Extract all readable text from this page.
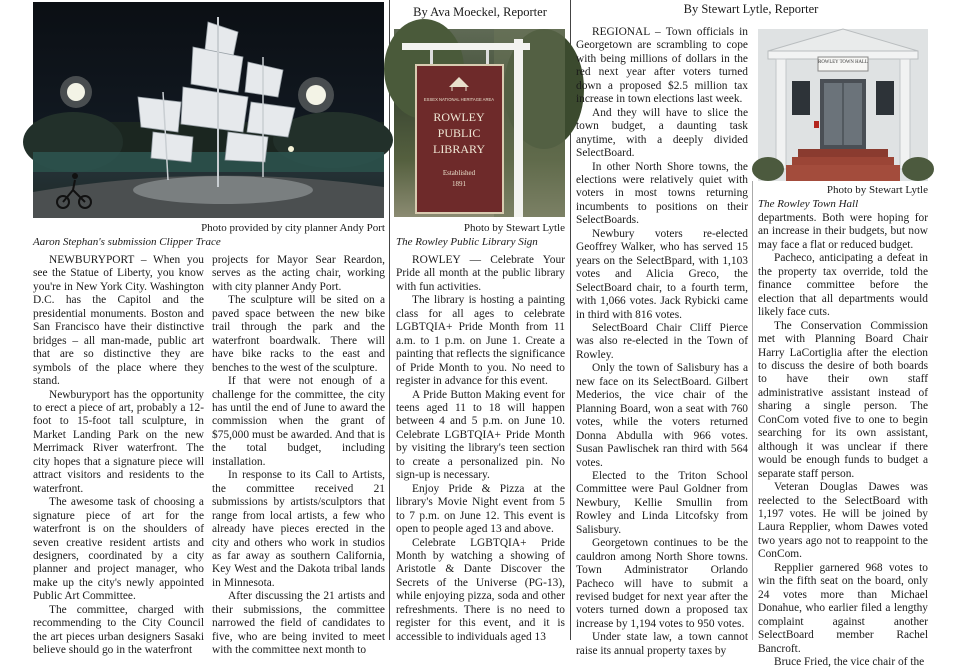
Photo provided by city planner Andy Port
Aaron Stephan's submission Clipper Trace

NEWBURYPORT – When you see the Statue of Liberty, you know you're in New York City. Washington D.C. has the Capitol and the presidential monuments. Boston and San Francisco have their distinctive bridges – all man-made, public art that are so distinctive they are symbols of the place where they stand.

Newburyport has the opportunity to erect a piece of art, probably a 12-foot to 15-foot tall sculpture, in Market Landing Park on the new Merrimack River waterfront. The city hopes that a signature piece will attract visitors and residents to the waterfront.

The awesome task of choosing a signature piece of art for the waterfront is on the shoulders of seven creative resident artists and designers, coordinated by a city planner and project manager, who make up the city's newly appointed Public Art Committee.

The committee, charged with recommending to the City Council the art pieces urban designers Sasaki believe should go in the waterfront

projects for Mayor Sear Reardon, serves as the acting chair, working with city planner Andy Port.

The sculpture will be sited on a paved space between the new bike trail through the park and the waterfront boardwalk. There will have bike racks to the east and benches to the west of the sculpture.

If that were not enough of a challenge for the committee, the city has until the end of June to award the commission when the grant of $75,000 must be awarded. And that is the total budget, including installation.

In response to its Call to Artists, the committee received 21 submissions by artists/sculptors that range from local artists, a few who already have pieces erected in the city and others who work in studios as far away as southern California, Key West and the Dakota tribal lands in Minnesota.

After discussing the 21 artists and their submissions, the committee narrowed the field of candidates to five, who are being invited to meet with the committee next month to

By Ava Moeckel, Reporter
ESSEX NATIONAL HERITAGE AREA
ROWLEY
PUBLIC
LIBRARY
Established
1891
Photo by Stewart Lytle
The Rowley Public Library Sign

ROWLEY — Celebrate Your Pride all month at the public library with fun activities.

The library is hosting a painting class for all ages to celebrate LGBTQIA+ Pride Month from 11 a.m. to 1 p.m. on June 1. Create a painting that reflects the significance of Pride Month to you. No need to register in advance for this event.

A Pride Button Making event for teens aged 11 to 18 will happen between 4 and 5 p.m. on June 10. Celebrate LGBTQIA+ Pride Month by visiting the library's teen section to create a personalized pin. No sign-up is necessary.

Enjoy Pride & Pizza at the library's Movie Night event from 5 to 7 p.m. on June 12. This event is open to people aged 13 and above.

Celebrate LGBTQIA+ Pride Month by watching a showing of Aristotle & Dante Discover the Secrets of the Universe (PG-13), while enjoying pizza, soda and other refreshments. There is no need to register for this event, and it is accessible to individuals aged 13

By Stewart Lytle, Reporter

REGIONAL – Town officials in Georgetown are scrambling to cope with being millions of dollars in the red next year after voters turned down a proposed $2.5 million tax increase in town elections last week.

And they will have to slice the town budget, a daunting task anytime, with a deeply divided SelectBoard.

In other North Shore towns, the elections were relatively quiet with voters in most towns returning incumbents to positions on their SelectBoards.

Newbury voters re-elected Geoffrey Walker, who has served 15 years on the SelectBpard, with 1,103 votes and Alicia Greco, the SelectBoard chair, to a fourth term, with 1,066 votes. Jack Rybicki came in third with 816 votes.

SelectBoard Chair Cliff Pierce was also re-elected in the Town of Rowley.

Only the town of Salisbury has a new face on its SelectBoard. Gilbert Mederios, the vice chair of the Planning Board, won a seat with 760 votes, while the voters returned Donna Abdulla with 966 votes. Susan Pawlischek ran third with 564 votes.

Elected to the Triton School Committee were Paul Goldner from Newbury, Kellie Smullin from Rowley and Linda Litcofsky from Salisbury.

Georgetown continues to be the cauldron among North Shore towns. Town Administrator Orlando Pacheco will have to submit a revised budget for next year after the voters turned down a proposed tax increase by 1,194 votes to 950 votes.

Under state law, a town cannot raise its annual property taxes by

ROWLEY TOWN HALL
Photo by Stewart Lytle
The Rowley Town Hall

departments. Both were hoping for an increase in their budgets, but now may face a flat or reduced budget.

Pacheco, anticipating a defeat in the property tax override, told the finance committee before the election that all departments would likely face cuts.

The Conservation Commission met with Planning Board Chair Harry LaCortiglia after the election to discuss the desire of both boards to have their own staff administrative assistant instead of sharing a single person. The ConCom voted five to one to begin searching for its own assistant, although it was unclear if there would be enough funds to budget a separate staff person.

Veteran Douglas Dawes was reelected to the SelectBoard with 1,197 votes. He will be joined by Laura Repplier, whom Dawes voted two years ago not to reappoint to the ConCom.

Repplier garnered 968 votes to win the fifth seat on the board, only 24 votes more than Michael Donahue, who earlier filed a lengthy complaint against another SelectBoard member Rachel Bancroft.

Bruce Fried, the vice chair of the
